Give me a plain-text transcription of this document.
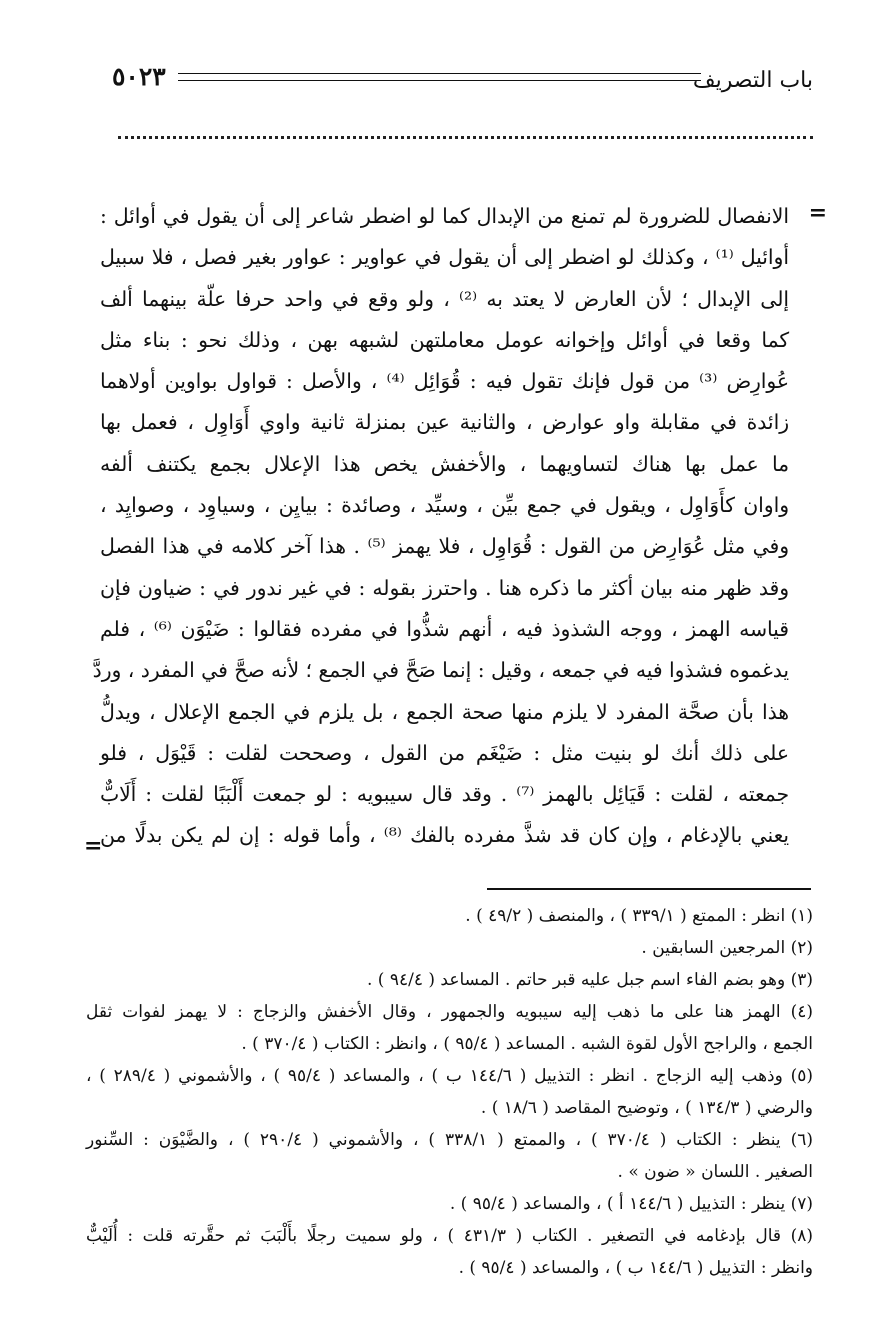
باب التصريف
٥٠٢٣
=
الانفصال للضرورة لم تمنع من الإبدال كما لو اضطر شاعر إلى أن يقول في أوائل :
أوائيل ⁽¹⁾ ، وكذلك لو اضطر إلى أن يقول في عواوير : عواور بغير فصل ، فلا سبيل
إلى الإبدال ؛ لأن العارض لا يعتد به ⁽²⁾ ، ولو وقع في واحد حرفا علّة بينهما ألف
كما وقعا في أوائل وإخوانه عومل معاملتهن لشبهه بهن ، وذلك نحو : بناء مثل
عُوارِض ⁽³⁾ من قول فإنك تقول فيه : قُوَائِل ⁽⁴⁾ ، والأصل : قواول بواوين أولاهما
زائدة في مقابلة واو عوارض ، والثانية عين بمنزلة ثانية واوي أَوَاوِل ، فعمل بها
ما عمل بها هناك لتساويهما ، والأخفش يخص هذا الإعلال بجمع يكتنف ألفه
واوان كأَوَاوِل ، ويقول في جمع بيِّن ، وسيِّد ، وصائدة : بيايِن ، وسياوِد ، وصوايِد ،
وفي مثل عُوَارِض من القول : قُوَاوِل ، فلا يهمز ⁽⁵⁾ . هذا آخر كلامه في هذا الفصل
وقد ظهر منه بيان أكثر ما ذكره هنا . واحترز بقوله : في غير ندور في : ضياون فإن
قياسه الهمز ، ووجه الشذوذ فيه ، أنهم شذُّوا في مفرده فقالوا : ضَيْوَن ⁽⁶⁾ ، فلم
يدغموه فشذوا فيه في جمعه ، وقيل : إنما صَحَّ في الجمع ؛ لأنه صحَّ في المفرد ، وردَّ
هذا بأن صحَّة المفرد لا يلزم منها صحة الجمع ، بل يلزم في الجمع الإعلال ، ويدلُّ
على ذلك أنك لو بنيت مثل : ضَيْغَم من القول ، وصححت لقلت : قَيْوَل ، فلو
جمعته ، لقلت : قَيَائِل بالهمز ⁽⁷⁾ . وقد قال سيبويه : لو جمعت أَلْبَبًا لقلت : أَلَابٌّ
يعني بالإدغام ، وإن كان قد شذَّ مفرده بالفك ⁽⁸⁾ ، وأما قوله : إن لم يكن بدلًا من
=
(١) انظر : الممتع ( ٣٣٩/١ ) ، والمنصف ( ٤٩/٢ ) .
(٢) المرجعين السابقين .
(٣) وهو بضم الفاء اسم جبل عليه قبر حاتم . المساعد ( ٩٤/٤ ) .
(٤) الهمز هنا على ما ذهب إليه سيبويه والجمهور ، وقال الأخفش والزجاج : لا يهمز لفوات ثقل
الجمع ، والراجح الأول لقوة الشبه . المساعد ( ٩٥/٤ ) ، وانظر : الكتاب ( ٣٧٠/٤ ) .
(٥) وذهب إليه الزجاج . انظر : التذييل ( ١٤٤/٦ ب ) ، والمساعد ( ٩٥/٤ ) ، والأشموني ( ٢٨٩/٤ ) ،
والرضي ( ١٣٤/٣ ) ، وتوضيح المقاصد ( ١٨/٦ ) .
(٦) ينظر : الكتاب ( ٣٧٠/٤ ) ، والممتع ( ٣٣٨/١ ) ، والأشموني ( ٢٩٠/٤ ) ، والضَّيْوَن : السِّنور
الصغير . اللسان « ضون » .
(٧) ينظر : التذييل ( ١٤٤/٦ أ ) ، والمساعد ( ٩٥/٤ ) .
(٨) قال بإدغامه في التصغير . الكتاب ( ٤٣١/٣ ) ، ولو سميت رجلًا بأَلْبَبَ ثم حقَّرته قلت : أُلَيْبٌّ
وانظر : التذييل ( ١٤٤/٦ ب ) ، والمساعد ( ٩٥/٤ ) .
